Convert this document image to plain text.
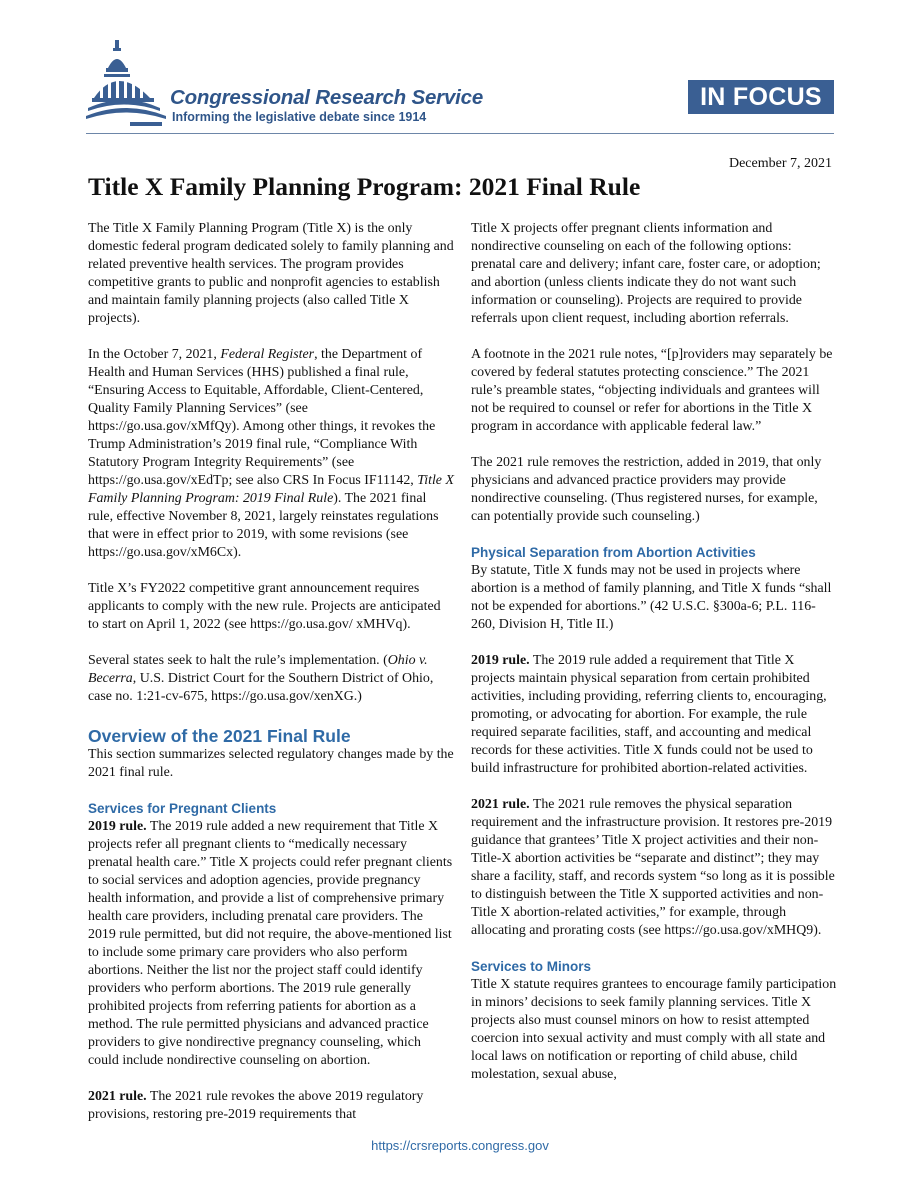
Congressional Research Service
Informing the legislative debate since 1914
IN FOCUS
December 7, 2021
Title X Family Planning Program: 2021 Final Rule

The Title X Family Planning Program (Title X) is the only domestic federal program dedicated solely to family planning and related preventive health services. The program provides competitive grants to public and nonprofit agencies to establish and maintain family planning projects (also called Title X projects).

In the October 7, 2021, Federal Register, the Department of Health and Human Services (HHS) published a final rule, “Ensuring Access to Equitable, Affordable, Client-Centered, Quality Family Planning Services” (see https://go.usa.gov/xMfQy). Among other things, it revokes the Trump Administration’s 2019 final rule, “Compliance With Statutory Program Integrity Requirements” (see https://go.usa.gov/xEdTp; see also CRS In Focus IF11142, Title X Family Planning Program: 2019 Final Rule). The 2021 final rule, effective November 8, 2021, largely reinstates regulations that were in effect prior to 2019, with some revisions (see https://go.usa.gov/xM6Cx).

Title X’s FY2022 competitive grant announcement requires applicants to comply with the new rule. Projects are anticipated to start on April 1, 2022 (see https://go.usa.gov/ xMHVq).

Several states seek to halt the rule’s implementation. (Ohio v. Becerra, U.S. District Court for the Southern District of Ohio, case no. 1:21-cv-675, https://go.usa.gov/xenXG.)

Overview of the 2021 Final Rule

This section summarizes selected regulatory changes made by the 2021 final rule.

Services for Pregnant Clients

2019 rule. The 2019 rule added a new requirement that Title X projects refer all pregnant clients to “medically necessary prenatal health care.” Title X projects could refer pregnant clients to social services and adoption agencies, provide pregnancy health information, and provide a list of comprehensive primary health care providers, including prenatal care providers. The 2019 rule permitted, but did not require, the above-mentioned list to include some primary care providers who also perform abortions. Neither the list nor the project staff could identify providers who perform abortions. The 2019 rule generally prohibited projects from referring patients for abortion as a method. The rule permitted physicians and advanced practice providers to give nondirective pregnancy counseling, which could include nondirective counseling on abortion.

2021 rule. The 2021 rule revokes the above 2019 regulatory provisions, restoring pre-2019 requirements that

Title X projects offer pregnant clients information and nondirective counseling on each of the following options: prenatal care and delivery; infant care, foster care, or adoption; and abortion (unless clients indicate they do not want such information or counseling). Projects are required to provide referrals upon client request, including abortion referrals.

A footnote in the 2021 rule notes, “[p]roviders may separately be covered by federal statutes protecting conscience.” The 2021 rule’s preamble states, “objecting individuals and grantees will not be required to counsel or refer for abortions in the Title X program in accordance with applicable federal law.”

The 2021 rule removes the restriction, added in 2019, that only physicians and advanced practice providers may provide nondirective counseling. (Thus registered nurses, for example, can potentially provide such counseling.)

Physical Separation from Abortion Activities

By statute, Title X funds may not be used in projects where abortion is a method of family planning, and Title X funds “shall not be expended for abortions.” (42 U.S.C. §300a-6; P.L. 116-260, Division H, Title II.)

2019 rule. The 2019 rule added a requirement that Title X projects maintain physical separation from certain prohibited activities, including providing, referring clients to, encouraging, promoting, or advocating for abortion. For example, the rule required separate facilities, staff, and accounting and medical records for these activities. Title X funds could not be used to build infrastructure for prohibited abortion-related activities.

2021 rule. The 2021 rule removes the physical separation requirement and the infrastructure provision. It restores pre-2019 guidance that grantees’ Title X project activities and their non-Title-X abortion activities be “separate and distinct”; they may share a facility, staff, and records system “so long as it is possible to distinguish between the Title X supported activities and non-Title X abortion-related activities,” for example, through allocating and prorating costs (see https://go.usa.gov/xMHQ9).

Services to Minors

Title X statute requires grantees to encourage family participation in minors’ decisions to seek family planning services. Title X projects also must counsel minors on how to resist attempted coercion into sexual activity and must comply with all state and local laws on notification or reporting of child abuse, child molestation, sexual abuse,

https://crsreports.congress.gov
